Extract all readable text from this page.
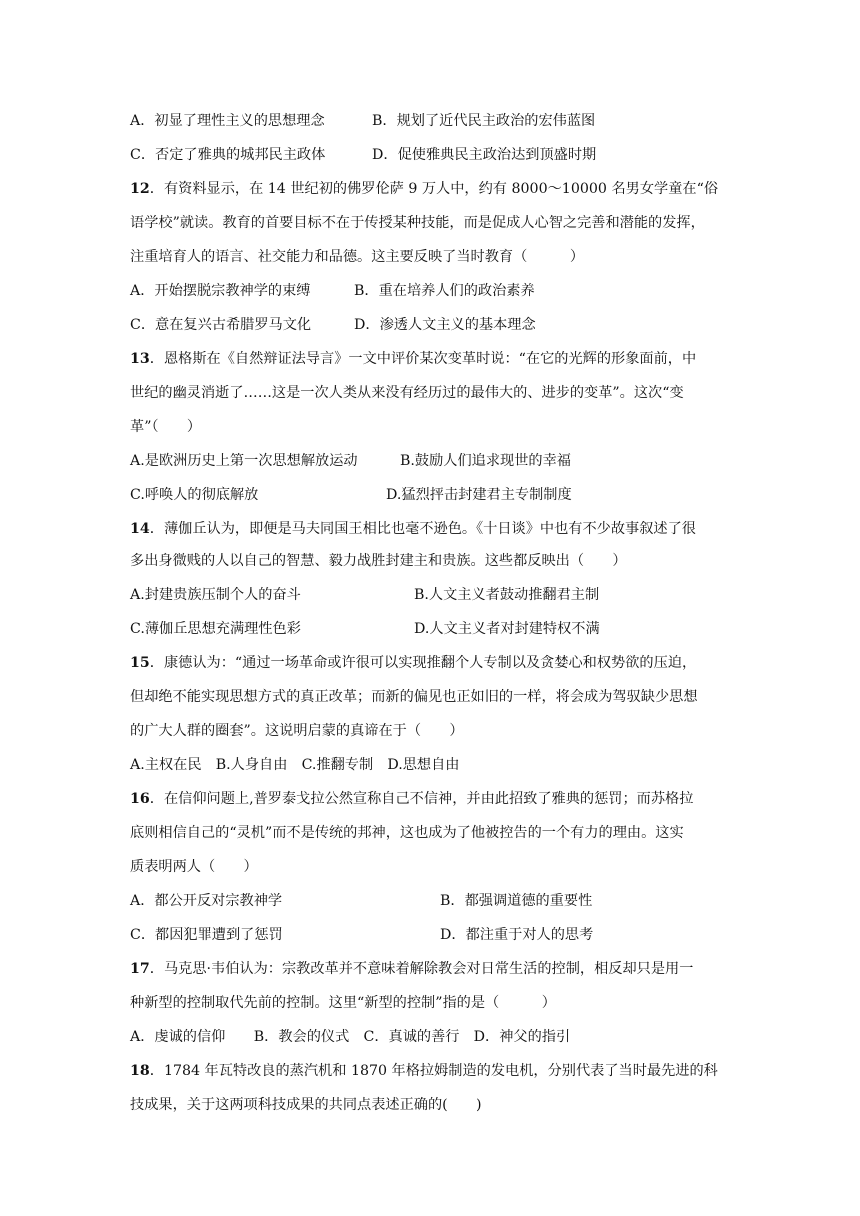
A．初显了理性主义的思想理念	B．规划了近代民主政治的宏伟蓝图
C．否定了雅典的城邦民主政体	D．促使雅典民主政治达到顶盛时期
12．有资料显示，在 14 世纪初的佛罗伦萨 9 万人中，约有 8000～10000 名男女学童在“俗
语学校”就读。教育的首要目标不在于传授某种技能，而是促成人心智之完善和潜能的发挥，
注重培育人的语言、社交能力和品德。这主要反映了当时教育（　　　）
A．开始摆脱宗教神学的束缚	B．重在培养人们的政治素养
C．意在复兴古希腊罗马文化	D．渗透人文主义的基本理念
13．恩格斯在《自然辩证法导言》一文中评价某次变革时说：“在它的光辉的形象面前，中
世纪的幽灵消逝了……这是一次人类从来没有经历过的最伟大的、进步的变革”。这次“变
革”（　　）
A.是欧洲历史上第一次思想解放运动	B.鼓励人们追求现世的幸福
C.呼唤人的彻底解放	D.猛烈抨击封建君主专制制度
14．薄伽丘认为，即便是马夫同国王相比也毫不逊色。《十日谈》中也有不少故事叙述了很
多出身微贱的人以自己的智慧、毅力战胜封建主和贵族。这些都反映出（　　）
A.封建贵族压制个人的奋斗	B.人文主义者鼓动推翻君主制
C.薄伽丘思想充满理性色彩	D.人文主义者对封建特权不满
15．康德认为：“通过一场革命或许很可以实现推翻个人专制以及贪婪心和权势欲的压迫，
但却绝不能实现思想方式的真正改革；而新的偏见也正如旧的一样，将会成为驾驭缺少思想
的广大人群的圈套”。这说明启蒙的真谛在于（　　）
A.主权在民　B.人身自由　C.推翻专制　D.思想自由
16．在信仰问题上,普罗泰戈拉公然宣称自己不信神，并由此招致了雅典的惩罚；而苏格拉
底则相信自己的“灵机”而不是传统的邦神，这也成为了他被控告的一个有力的理由。这实
质表明两人（　　）
A．都公开反对宗教神学	B．都强调道德的重要性
C．都因犯罪遭到了惩罚	D．都注重于对人的思考
17．马克思·韦伯认为：宗教改革并不意味着解除教会对日常生活的控制，相反却只是用一
种新型的控制取代先前的控制。这里“新型的控制”指的是（　　　）
A．虔诚的信仰　　B．教会的仪式　C．真诚的善行　D．神父的指引
18．1784 年瓦特改良的蒸汽机和 1870 年格拉姆制造的发电机，分别代表了当时最先进的科
技成果，关于这两项科技成果的共同点表述正确的(　　)
